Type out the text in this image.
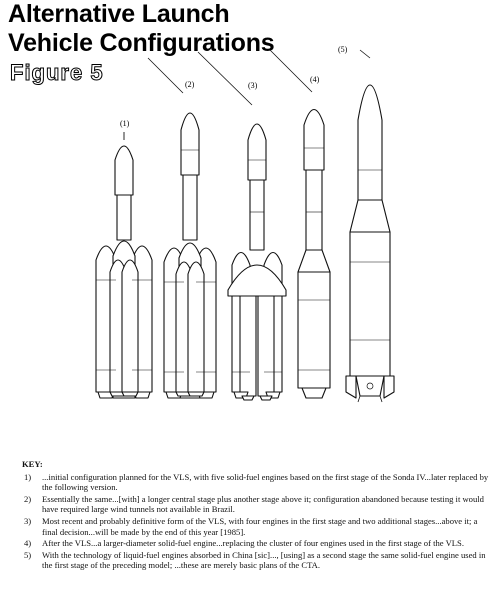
Alternative Launch
Vehicle Configurations
Figure 5
(1)
(2)	(3)
(4)
(5)
KEY:
1)	...initial configuration planned for the VLS, with five solid-fuel engines based on the first stage of the Sonda IV...later replaced by the following version.
2)	Essentially the same...[with] a longer central stage plus another stage above it; configuration abandoned because testing it would have required large wind tunnels not available in Brazil.
3)	Most recent and probably definitive form of the VLS, with four engines in the first stage and two additional stages...above it; a final decision...will be made by the end of this year [1985].
4)	After the VLS...a larger-diameter solid-fuel engine...replacing the cluster of four engines used in the first stage of the VLS.
5)	With the technology of liquid-fuel engines absorbed in China [sic]..., [using] as a second stage the same solid-fuel engine used in the first stage of the preceding model; ...these are merely basic plans of the CTA.
